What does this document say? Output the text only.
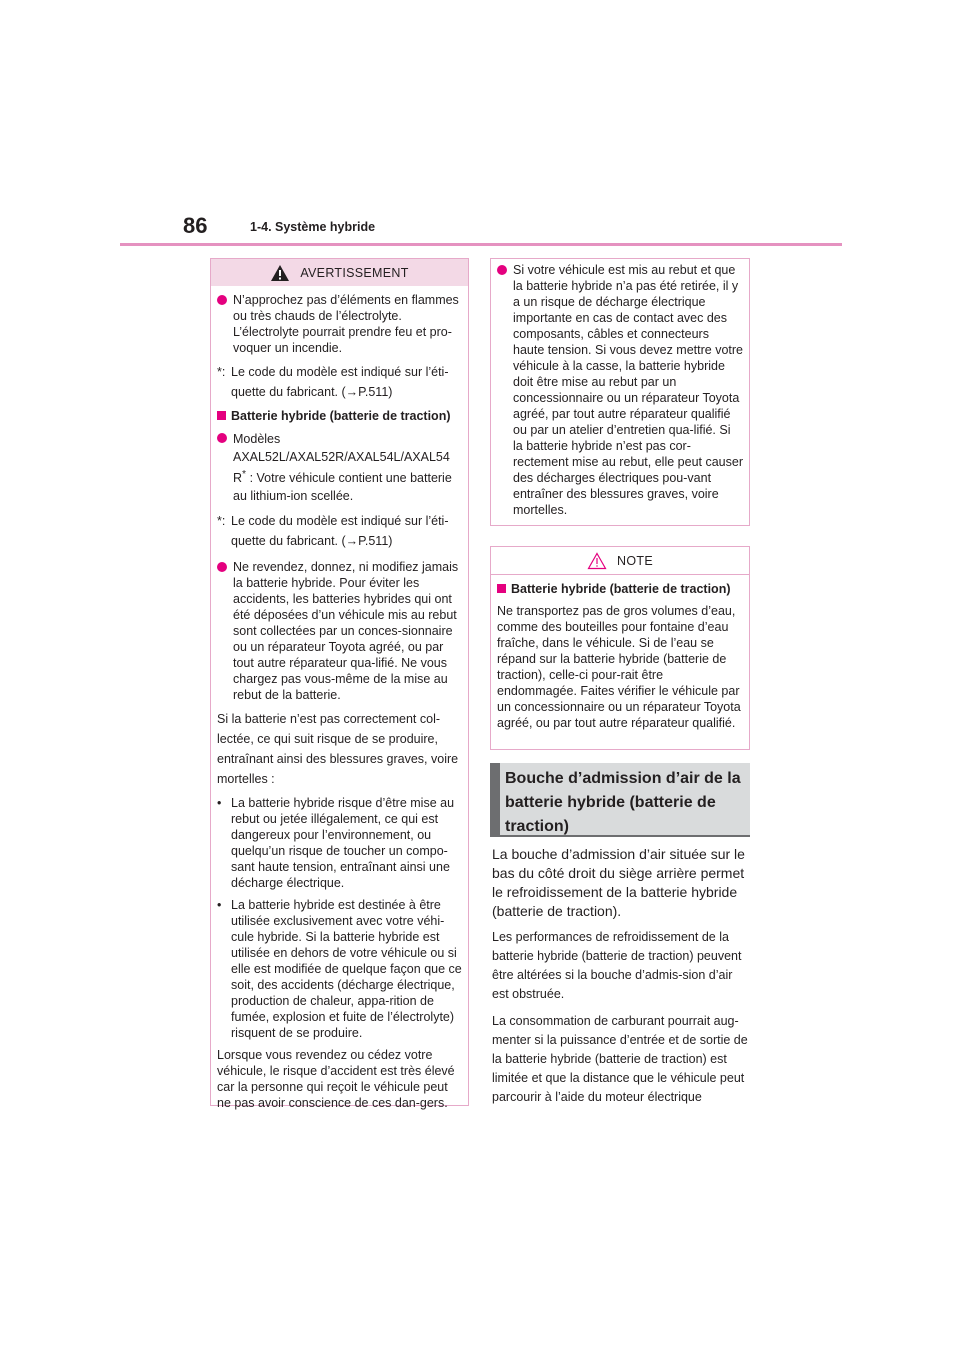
86	1-4. Système hybride
AVERTISSEMENT

N’approchez pas d’éléments en flammes ou très chauds de l’électrolyte. L’électrolyte pourrait prendre feu et pro-voquer un incendie.

*: Le code du modèle est indiqué sur l’éti-quette du fabricant. (→P.511)

Batterie hybride (batterie de traction)

Modèles AXAL52L/AXAL52R/AXAL54L/AXAL54 R* : Votre véhicule contient une batterie au lithium-ion scellée.

*: Le code du modèle est indiqué sur l’éti-quette du fabricant. (→P.511)

Ne revendez, donnez, ni modifiez jamais la batterie hybride. Pour éviter les accidents, les batteries hybrides qui ont été déposées d’un véhicule mis au rebut sont collectées par un conces-sionnaire ou un réparateur Toyota agréé, ou par tout autre réparateur qua-lifié. Ne vous chargez pas vous-même de la mise au rebut de la batterie.

Si la batterie n’est pas correctement col-lectée, ce qui suit risque de se produire, entraînant ainsi des blessures graves, voire mortelles :

• La batterie hybride risque d’être mise au rebut ou jetée illégalement, ce qui est dangereux pour l’environnement, ou quelqu’un risque de toucher un compo-sant haute tension, entraînant ainsi une décharge électrique.

• La batterie hybride est destinée à être utilisée exclusivement avec votre véhi-cule hybride. Si la batterie hybride est utilisée en dehors de votre véhicule ou si elle est modifiée de quelque façon que ce soit, des accidents (décharge électrique, production de chaleur, appa-rition de fumée, explosion et fuite de l’électrolyte) risquent de se produire.

Lorsque vous revendez ou cédez votre véhicule, le risque d’accident est très élevé car la personne qui reçoit le véhicule peut ne pas avoir conscience de ces dan-gers.

Si votre véhicule est mis au rebut et que la batterie hybride n’a pas été retirée, il y a un risque de décharge électrique importante en cas de contact avec des composants, câbles et connecteurs haute tension. Si vous devez mettre votre véhicule à la casse, la batterie hybride doit être mise au rebut par un concessionnaire ou un réparateur Toyota agréé, par tout autre réparateur qualifié ou par un atelier d’entretien qua-lifié. Si la batterie hybride n’est pas cor-rectement mise au rebut, elle peut causer des décharges électriques pou-vant entraîner des blessures graves, voire mortelles.

NOTE

Batterie hybride (batterie de traction)

Ne transportez pas de gros volumes d’eau, comme des bouteilles pour fontaine d’eau fraîche, dans le véhicule. Si de l’eau se répand sur la batterie hybride (batterie de traction), celle-ci pour-rait être endommagée. Faites vérifier le véhicule par un concessionnaire ou un réparateur Toyota agréé, ou par tout autre réparateur qualifié.

Bouche d’admission d’air de la batterie hybride (batterie de traction)

La bouche d’admission d’air située sur le bas du côté droit du siège arrière permet le refroidissement de la batterie hybride (batterie de traction).

Les performances de refroidissement de la batterie hybride (batterie de traction) peuvent être altérées si la bouche d’admis-sion d’air est obstruée.

La consommation de carburant pourrait aug-menter si la puissance d’entrée et de sortie de la batterie hybride (batterie de traction) est limitée et que la distance que le véhicule peut parcourir à l’aide du moteur électrique
